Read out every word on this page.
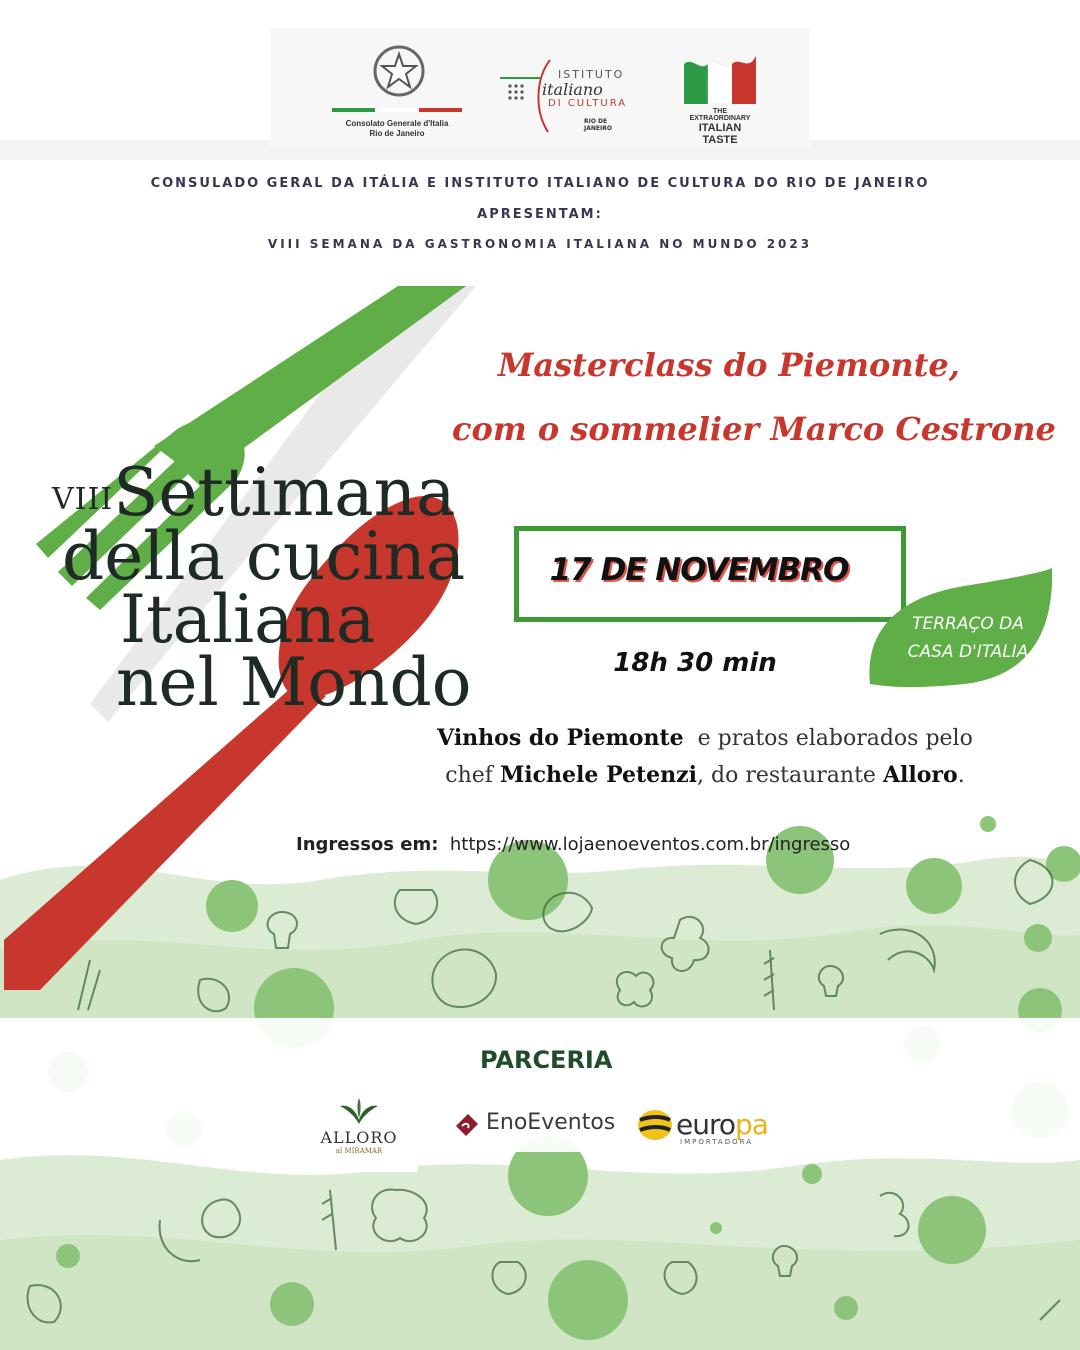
Consolato Generale d'Italia
Rio de Janeiro
ISTITUTO
italiano
DI CULTURA
RIO DE JANEIRO
THE EXTRAORDINARY
ITALIAN TASTE
CONSULADO GERAL DA ITÁLIA E INSTITUTO ITALIANO DE CULTURA DO RIO DE JANEIRO
APRESENTAM:
VIII SEMANA DA GASTRONOMIA ITALIANA NO MUNDO 2023
VIIISettimana
della cucina
Italiana
nel Mondo
Masterclass do Piemonte,
com o sommelier Marco Cestrone
17 DE NOVEMBRO
18h 30 min
TERRAÇO DA
CASA D'ITALIA
Vinhos do Piemonte e pratos elaborados pelo
chef Michele Petenzi, do restaurante Alloro.
Ingressos em: https://www.lojaenoeventos.com.br/ingresso
PARCERIA
ALLORO
al MIRAMAR
EnoEventos europa
IMPORTADORA
